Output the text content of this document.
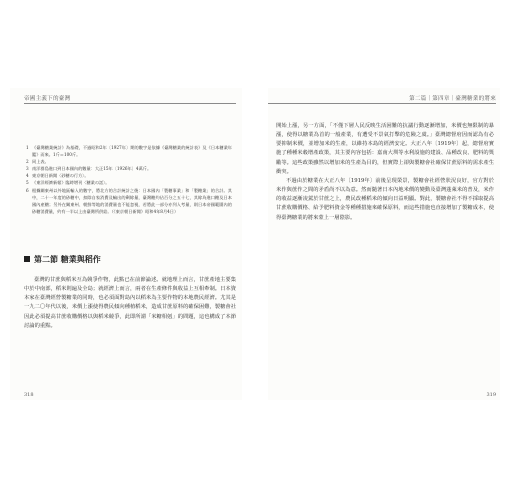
帝國主義下的臺灣	第二篇｜第四章｜臺灣糖業的將來
1 《臺灣糖業統計》為基礎，不過昭和2年〔1927年〕期的數字是依據《臺灣糖業的統計表》及《日本糖業年鑑》而來。1斤＝100斤。
2 同上表。
3 南洋群島進口到日本國內的數量：大正15年〔1926年〕4萬斤。
4 東京朝日新聞〈砂糖の行方〉。
5 《東洋經濟新報》臨時增刊〈糖業の話〉。
6 根據關東州以外地區輸入的數字，將北方的合計統計之後：日本國內「製糖事業」和「製糖業」的合計。其中，二十一年度的砂糖中，扣除自家消費及輸出的剩餘量，臺灣糖約佔百分之五十七，其餘為進口糖及日本國內產糖；另外在關東州、朝鮮等地的消費量也不能忽視，若將此一部分亦列入考量，則日本帝國範圍內的砂糖消費量，約有一半以上由臺灣所供給。（《東京朝日新聞》昭和4年8月4日）
第二節 糖業與稻作

臺灣的甘蔗與稻米互為競爭作物，此點已在前節論述。就地理上而言，甘蔗產地主要集中於中南部，稻米則遍及全島；就經濟上而言，兩者在生產條件與收益上互相牽制。日本資本家在臺灣經營製糖業的同時，也必須面對島內以稻米為主要作物的本地農民經濟。尤其是一九二〇年代以後，米價上漲使得農民傾向種植稻米，造成甘蔗原料的確保困難，製糖會社因此必須提高甘蔗收購價格以與稻米競爭，此即所謂「米糖相剋」的問題，這也構成了本節討論的重點。

開始上漲，另一方面，「不僅下層人民反映生活困難的抗議行動逐漸增加，米價也無限制的暴漲，使得以糖業為首的一般產業，有遭受不景氣打擊的危險之虞。」臺灣總督府因而認為有必要抑制米價，並增加米的生產，以維持本島的經濟安定。大正八年〔1919年〕起，總督府實施了種種米穀增產政策，其主要內容包括：嘉南大圳等水利設施的建設、品種改良、肥料的獎勵等。這些政策雖然以增加米的生產為目的，但實際上卻與製糖會社確保甘蔗原料的需求產生衝突。

不過由於糖業在大正八年〔1919年〕前後呈現榮景，製糖會社經營狀況良好，官方對於米作與蔗作之間的矛盾尚不以為意。然而隨著日本內地米價的變動及臺灣蓬萊米的普及，米作的收益逐漸凌駕於甘蔗之上，農民改種稻米的傾向日益明顯。對此，製糖會社不得不採取提高甘蔗收購價格、給予肥料資金等種種措施來確保原料，而這些措施也直接增加了製糖成本，使得臺灣糖業的將來蒙上一層陰影。

318	319
